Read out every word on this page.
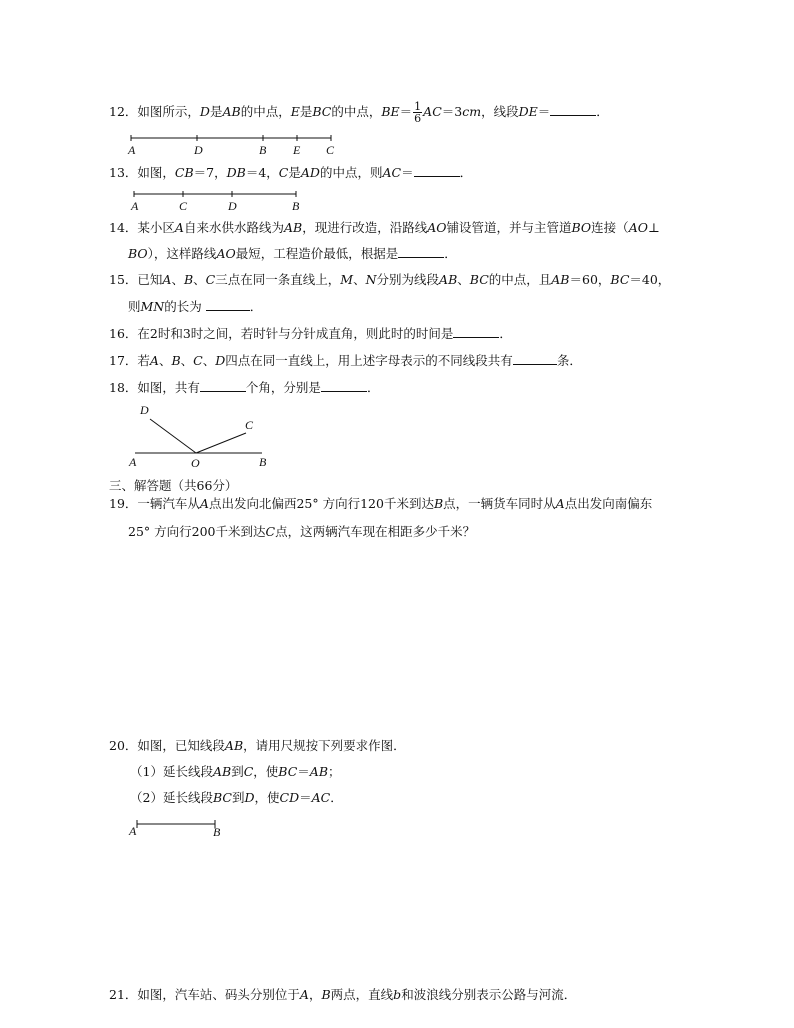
12．如图所示，D是AB的中点，E是BC的中点，$BE= \frac{1}{6} AC=3cm$，线段DE＝	．
A	D	B E C
13．如图，CB＝7，DB＝4，C是AD的中点，则AC＝	．
A	C	D	B
14．某小区A自来水供水路线为AB，现进行改造，沿路线AO铺设管道，并与主管道BO连接（AO⊥
BO），这样路线AO最短，工程造价最低，根据是	．
15．已知A、B、C三点在同一条直线上，M、N分别为线段AB、BC的中点，且AB＝60，BC＝40，
则MN的长为	．
16．在2时和3时之间，若时针与分针成直角，则此时的时间是	．
17．若A、B、C、D四点在同一直线上，用上述字母表示的不同线段共有	条．
18．如图，共有	个角，分别是	．
D
C
A	O	B
三、解答题（共66分）
19．一辆汽车从A点出发向北偏西25° 方向行120千米到达B点，一辆货车同时从A点出发向南偏东
25° 方向行200千米到达C点，这两辆汽车现在相距多少千米？
20．如图，已知线段AB，请用尺规按下列要求作图．
（1）延长线段AB到C，使BC＝AB；
（2）延长线段BC到D，使CD＝AC．
A	B
21．如图，汽车站、码头分别位于A，B两点，直线b和波浪线分别表示公路与河流．
